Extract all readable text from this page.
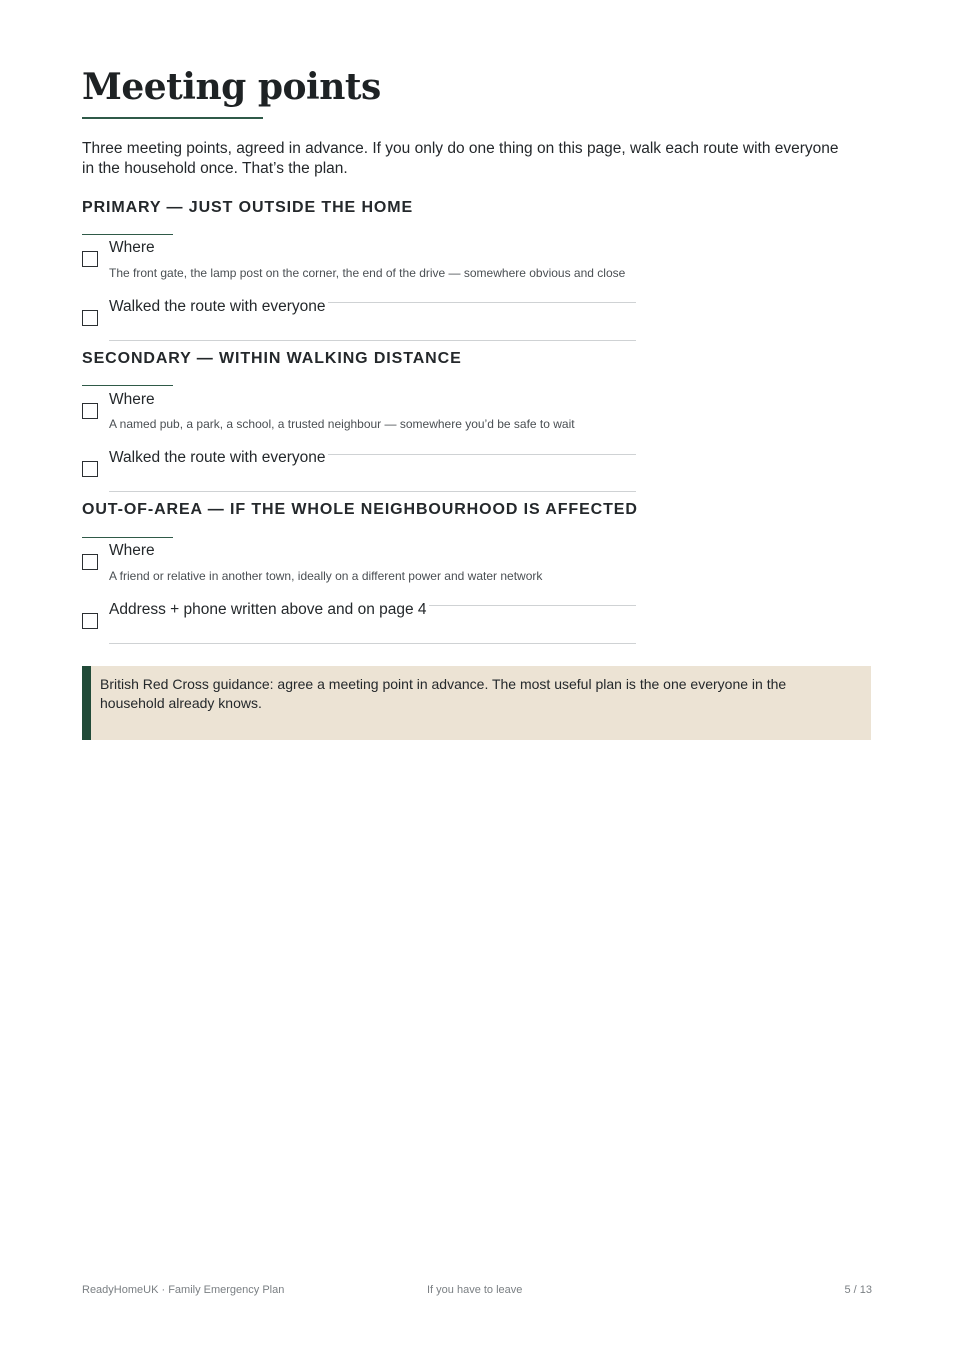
Meeting points

Three meeting points, agreed in advance. If you only do one thing on this page, walk each route with everyone in the household once. That’s the plan.

PRIMARY — JUST OUTSIDE THE HOME
Where
The front gate, the lamp post on the corner, the end of the drive — somewhere obvious and close
Walked the route with everyone
SECONDARY — WITHIN WALKING DISTANCE
Where
A named pub, a park, a school, a trusted neighbour — somewhere you’d be safe to wait
Walked the route with everyone
OUT-OF-AREA — IF THE WHOLE NEIGHBOURHOOD IS AFFECTED
Where
A friend or relative in another town, ideally on a different power and water network
Address + phone written above and on page 4

British Red Cross guidance: agree a meeting point in advance. The most useful plan is the one everyone in the household already knows.

ReadyHomeUK · Family Emergency Plan	If you have to leave	5 / 13
